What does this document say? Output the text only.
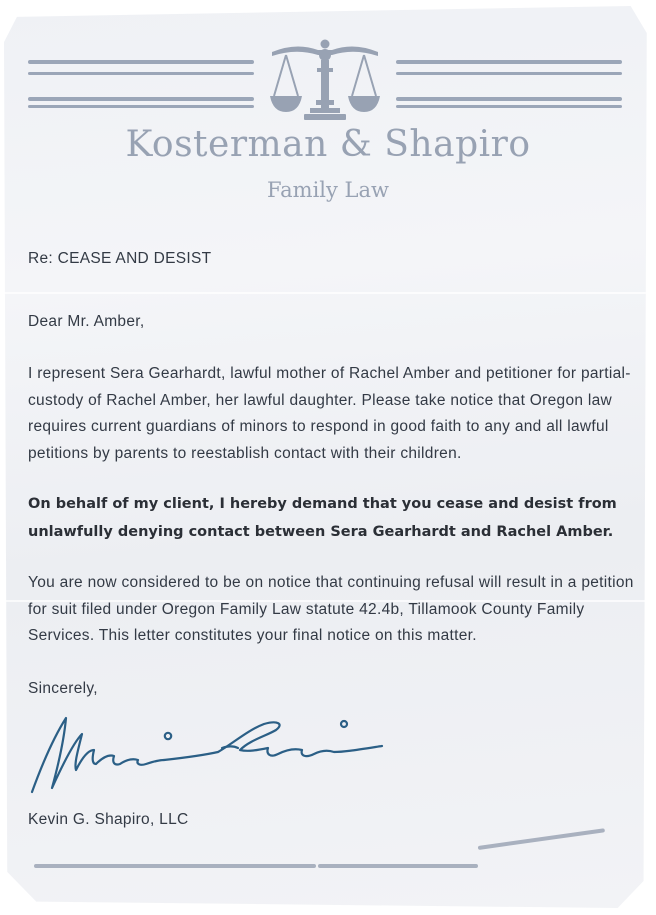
Kosterman & Shapiro
Family Law
Re: CEASE AND DESIST
Dear Mr. Amber,

I represent Sera Gearhardt, lawful mother of Rachel Amber and petitioner for partial-custody of Rachel Amber, her lawful daughter. Please take notice that Oregon law requires current guardians of minors to respond in good faith to any and all lawful petitions by parents to reestablish contact with their children.

On behalf of my client, I hereby demand that you cease and desist from unlawfully denying contact between Sera Gearhardt and Rachel Amber.

You are now considered to be on notice that continuing refusal will result in a petition for suit filed under Oregon Family Law statute 42.4b, Tillamook County Family Services. This letter constitutes your final notice on this matter.

Sincerely,
Kevin G. Shapiro, LLC
